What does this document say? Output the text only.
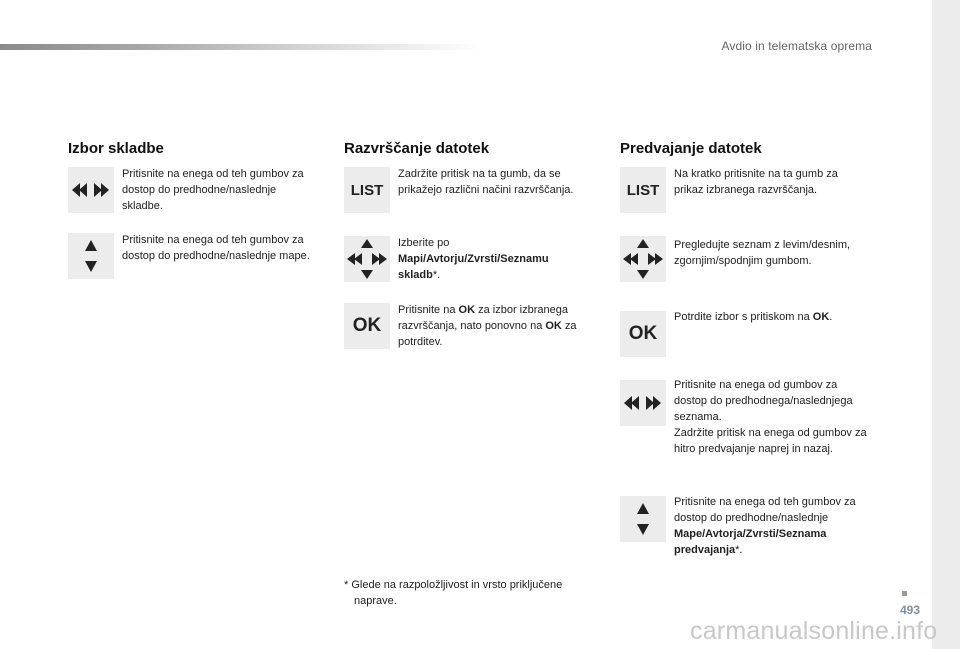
Avdio in telematska oprema
493
carmanualsonline.info
Izbor skladbe
Pritisnite na enega od teh gumbov za dostop do predhodne/naslednje skladbe.
Pritisnite na enega od teh gumbov za dostop do predhodne/naslednje mape.
Razvrščanje datotek
LIST
Zadržite pritisk na ta gumb, da se prikažejo različni načini razvrščanja.
Izberite po
Mapi/Avtorju/Zvrsti/Seznamu skladb*.
OK
Pritisnite na OK za izbor izbranega razvrščanja, nato ponovno na OK za potrditev.
* Glede na razpoložljivost in vrsto priključene
naprave.
Predvajanje datotek
LIST
Na kratko pritisnite na ta gumb za prikaz izbranega razvrščanja.
Pregledujte seznam z levim/desnim, zgornjim/spodnjim gumbom.
OK
Potrdite izbor s pritiskom na OK.
Pritisnite na enega od gumbov za dostop do predhodnega/naslednjega seznama.
Zadržite pritisk na enega od gumbov za hitro predvajanje naprej in nazaj.
Pritisnite na enega od teh gumbov za dostop do predhodne/naslednje Mape/Avtorja/Zvrsti/Seznama predvajanja*.
